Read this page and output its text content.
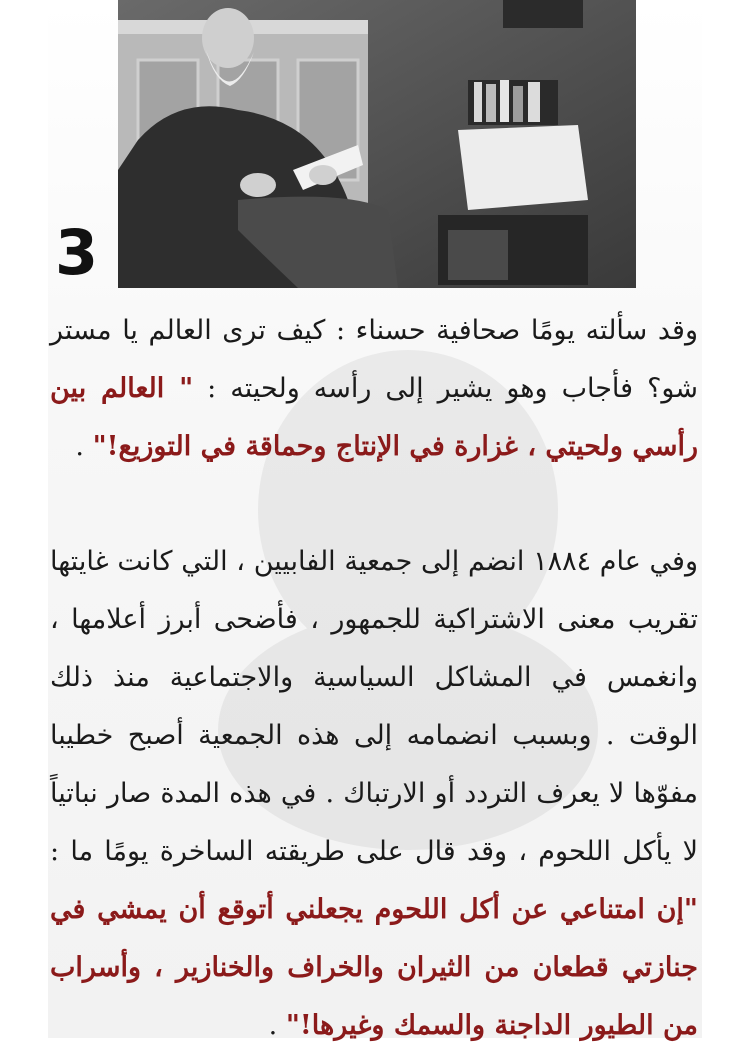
3
وقد سألته يومًا صحافية حسناء : كيف ترى العالم يا مستر شو؟ فأجاب وهو يشير إلى رأسه ولحيته : " العالم بين رأسي ولحيتي ، غزارة في الإنتاج وحماقة في التوزيع!" .
وفي عام ١٨٨٤ انضم إلى جمعية الفابيين ، التي كانت غايتها تقريب معنى الاشتراكية للجمهور ، فأضحى أبرز أعلامها ، وانغمس في المشاكل السياسية والاجتماعية منذ ذلك الوقت . وبسبب انضمامه إلى هذه الجمعية أصبح خطيبا مفوّها لا يعرف التردد أو الارتباك . في هذه المدة صار نباتياً لا يأكل اللحوم ، وقد قال على طريقته الساخرة يومًا ما : "إن امتناعي عن أكل اللحوم يجعلني أتوقع أن يمشي في جنازتي قطعان من الثيران والخراف والخنازير ، وأسراب من الطيور الداجنة والسمك وغيرها!" .
